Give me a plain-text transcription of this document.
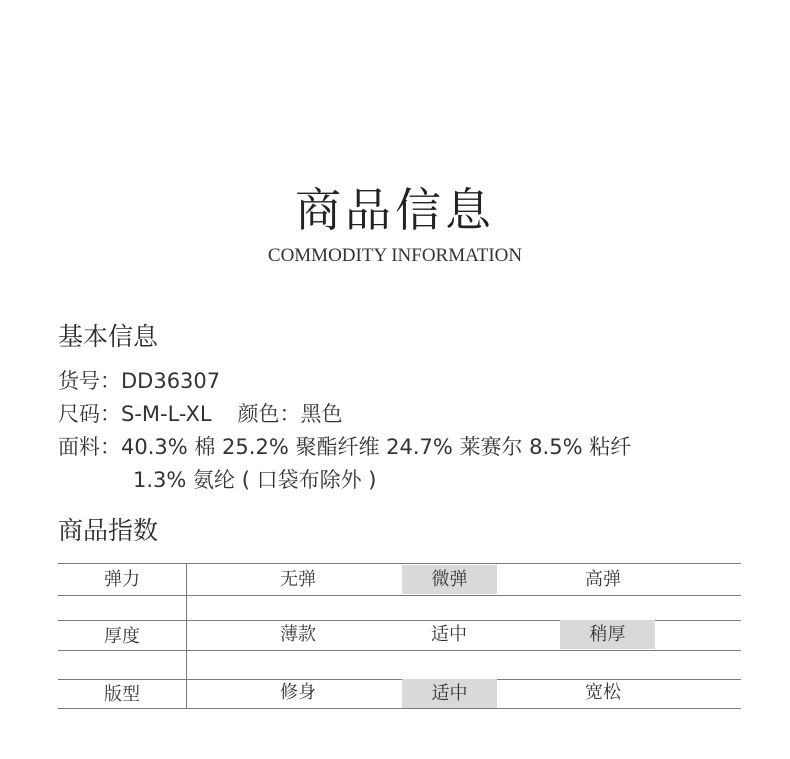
商品信息
COMMODITY INFORMATION
基本信息
货号：DD36307
尺码：S-M-L-XL 颜色：黑色
面料：40.3% 棉 25.2% 聚酯纤维 24.7% 莱赛尔 8.5% 粘纤
1.3% 氨纶 ( 口袋布除外 )
商品指数
弹力	无弹	微弹	高弹
厚度	薄款	适中	稍厚
版型	修身	适中	宽松
